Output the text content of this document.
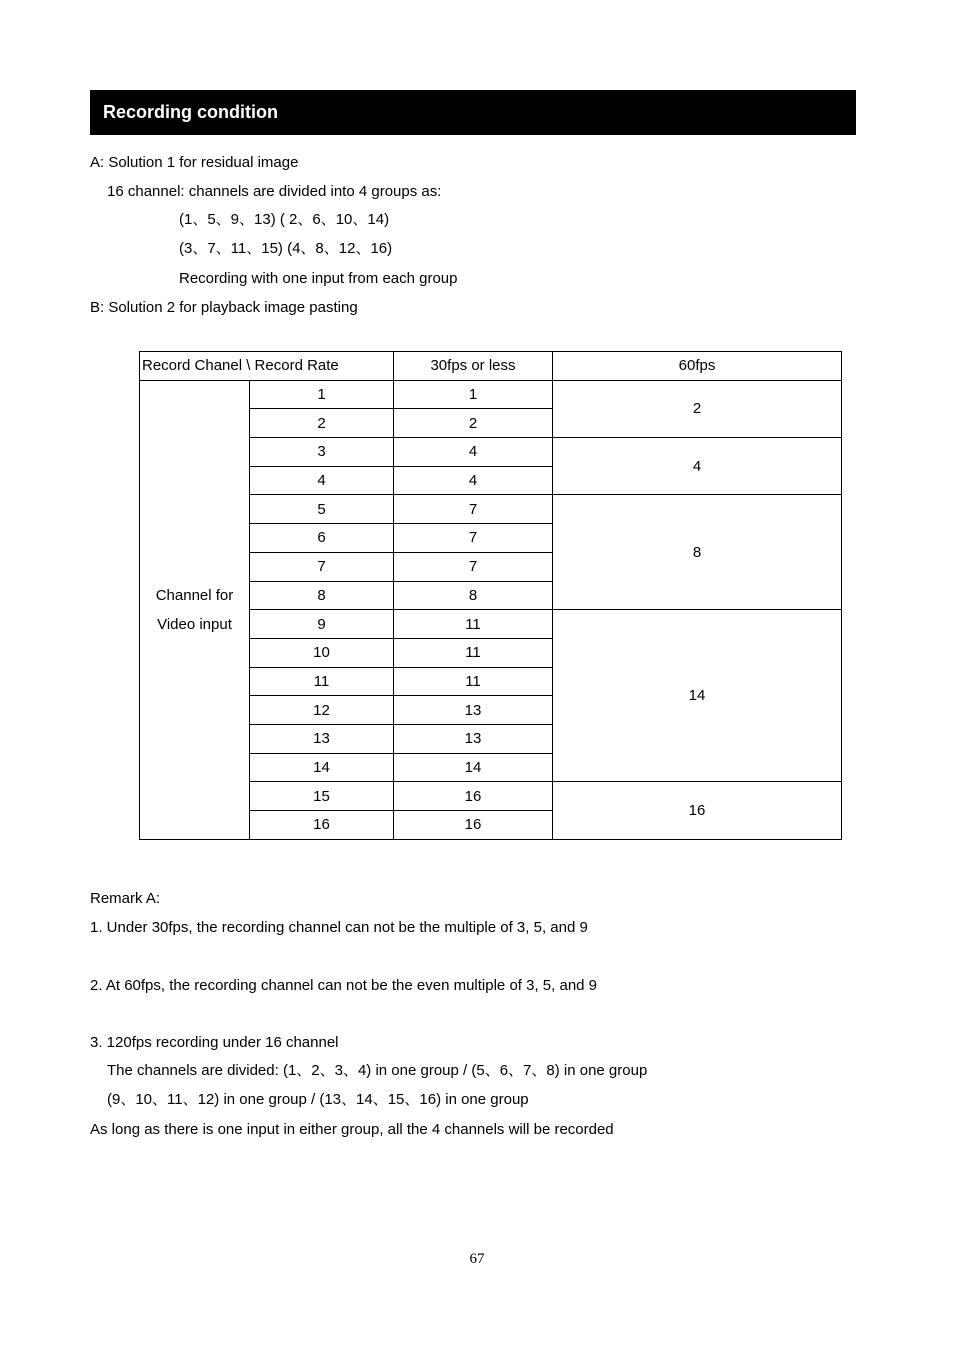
Recording condition
A: Solution 1 for residual image
16 channel: channels are divided into 4 groups as:
(1、5、9、13) ( 2、6、10、14)
(3、7、11、15) (4、8、12、16)
Recording with one input from each group
B: Solution 2 for playback image pasting
Record Chanel \ Record Rate		30fps or less	60fps
Channel for
Video input	1	1	2
	2	2	
	3	4	4
	4	4	
	5	7	8
	6	7	
	7	7	
	8	8	
	9	11	14
	10	11	
	11	11	
	12	13	
	13	13	
	14	14	
	15	16	16
	16	16	
Remark A:
1. Under 30fps, the recording channel can not be the multiple of 3, 5, and 9
2. At 60fps, the recording channel can not be the even multiple of 3, 5, and 9
3. 120fps recording under 16 channel
The channels are divided: (1、2、3、4) in one group / (5、6、7、8) in one group
(9、10、11、12) in one group / (13、14、15、16) in one group
As long as there is one input in either group, all the 4 channels will be recorded
67
